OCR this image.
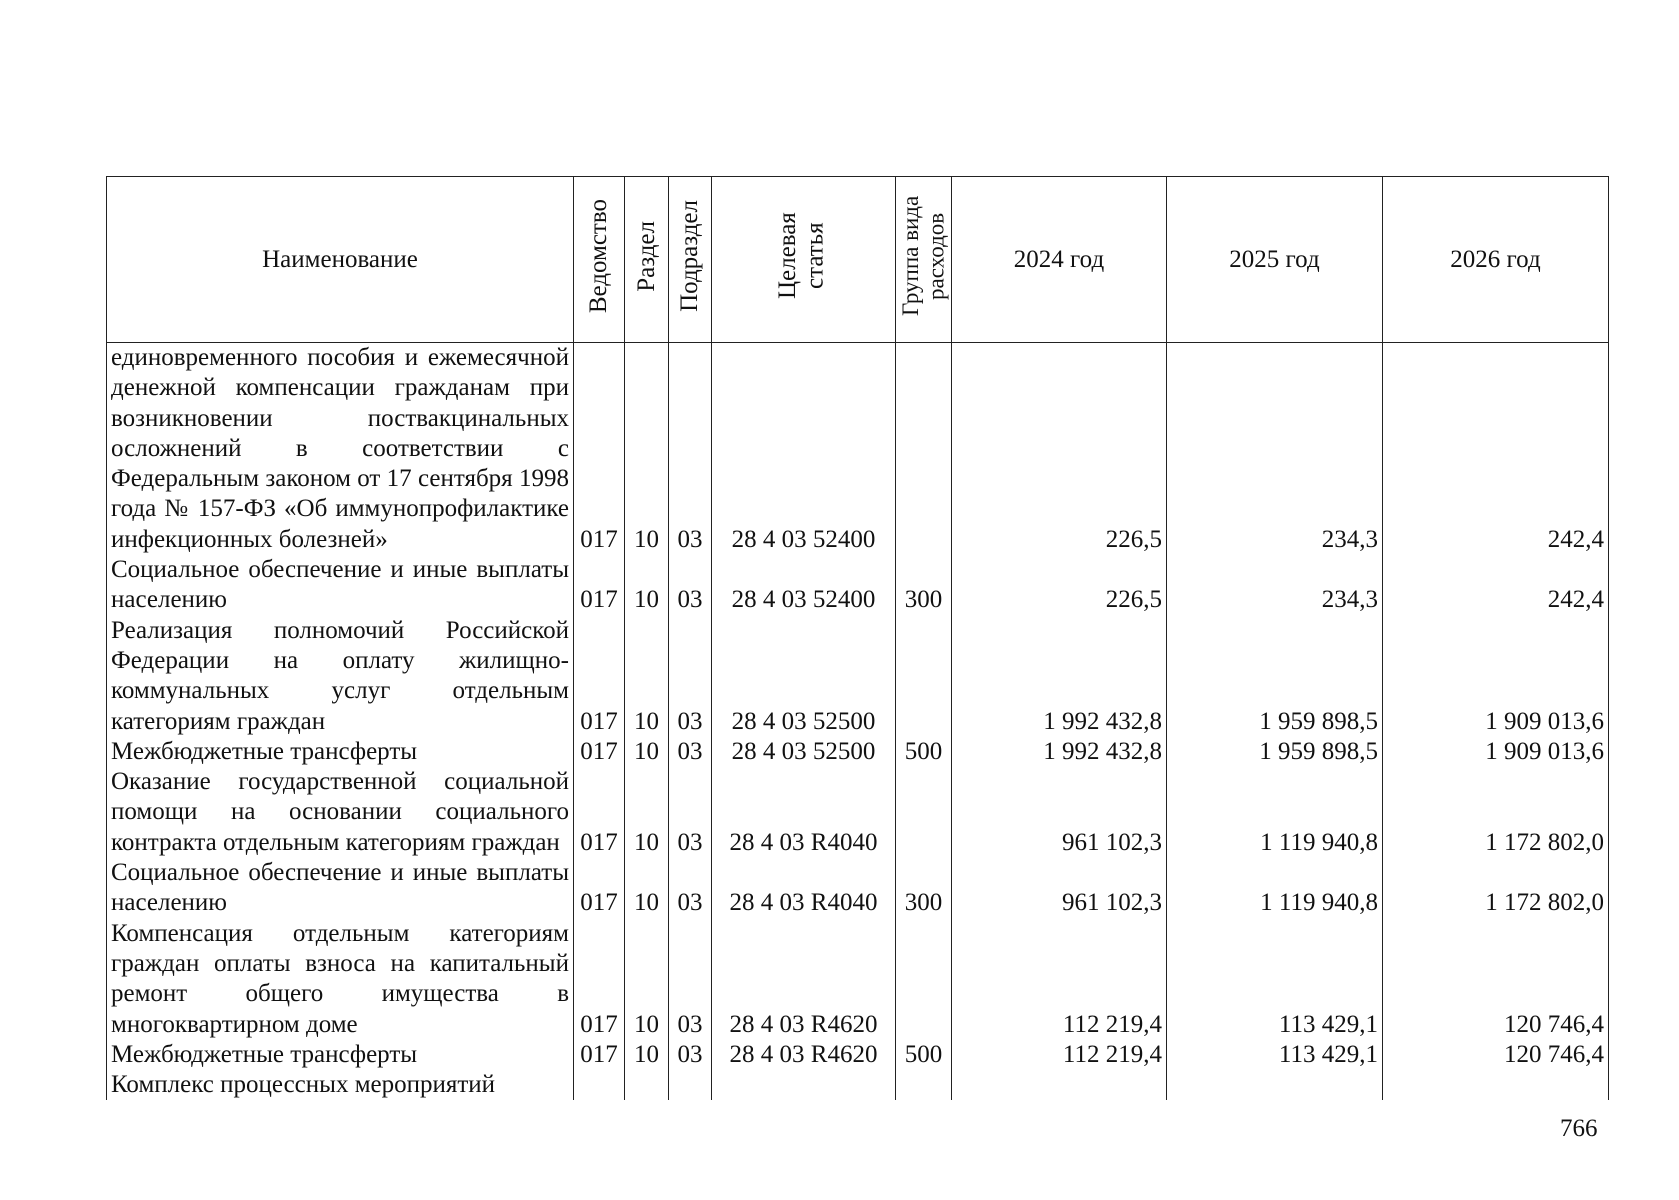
Наименование	Ведомство	Раздел	Подраздел	Целевая статья	Группа вида расходов	2024 год	2025 год	2026 год
единовременного пособия и ежемесячной денежной компенсации гражданам при возникновении поствакцинальных осложнений в соответствии с Федеральным законом от 17 сентября 1998 года № 157-ФЗ «Об иммунопрофилактике инфекционных болезней»	017	10	03	28 4 03 52400		226,5	234,3	242,4
Социальное обеспечение и иные выплаты населению	017	10	03	28 4 03 52400	300	226,5	234,3	242,4
Реализация полномочий Российской Федерации на оплату жилищно-коммунальных услуг отдельным категориям граждан	017	10	03	28 4 03 52500		1 992 432,8	1 959 898,5	1 909 013,6
Межбюджетные трансферты	017	10	03	28 4 03 52500	500	1 992 432,8	1 959 898,5	1 909 013,6
Оказание государственной социальной помощи на основании социального контракта отдельным категориям граждан	017	10	03	28 4 03 R4040		961 102,3	1 119 940,8	1 172 802,0
Социальное обеспечение и иные выплаты населению	017	10	03	28 4 03 R4040	300	961 102,3	1 119 940,8	1 172 802,0
Компенсация отдельным категориям граждан оплаты взноса на капитальный ремонт общего имущества в многоквартирном доме	017	10	03	28 4 03 R4620		112 219,4	113 429,1	120 746,4
Межбюджетные трансферты	017	10	03	28 4 03 R4620	500	112 219,4	113 429,1	120 746,4
Комплекс процессных мероприятий								
766
